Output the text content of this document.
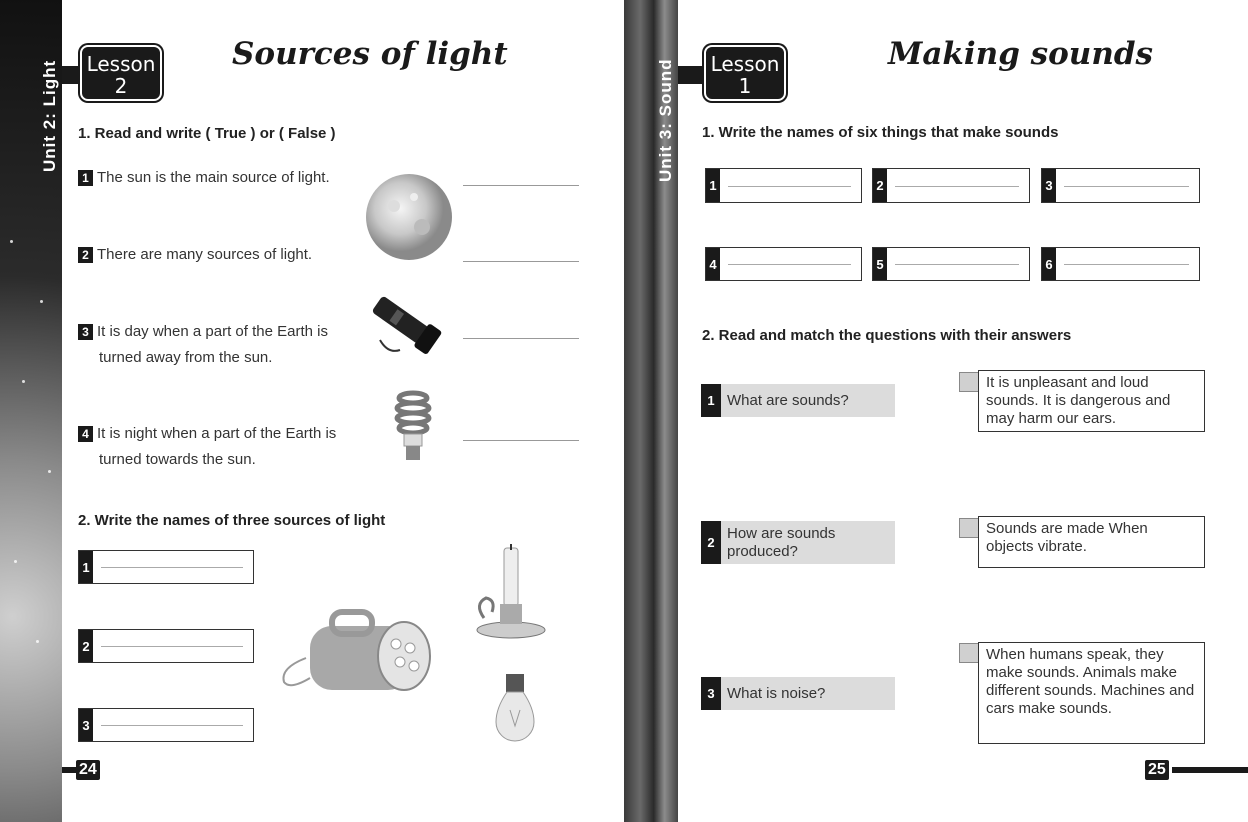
Unit 2: Light	Unit 3: Sound
Lesson
2
Sources of light
1. Read and write ( True ) or ( False )
1 The sun is the main source of light.
2 There are many sources of light.
3 It is day when a part of the Earth is
turned away from the sun.
4 It is night when a part of the Earth is
turned towards the sun.
2. Write the names of three sources of light
1
2
3
24
Lesson
1
Making sounds
1. Write the names of six things that make sounds
1	2	3
4	5	6
2. Read and match the questions with their answers
1 What are sounds?
2
How are sounds produced?
3 What is noise?
It is unpleasant and loud sounds. It is dangerous and may harm our ears.
Sounds are made When objects vibrate.
When humans speak, they make sounds. Animals make different sounds. Machines and cars make sounds.
25
